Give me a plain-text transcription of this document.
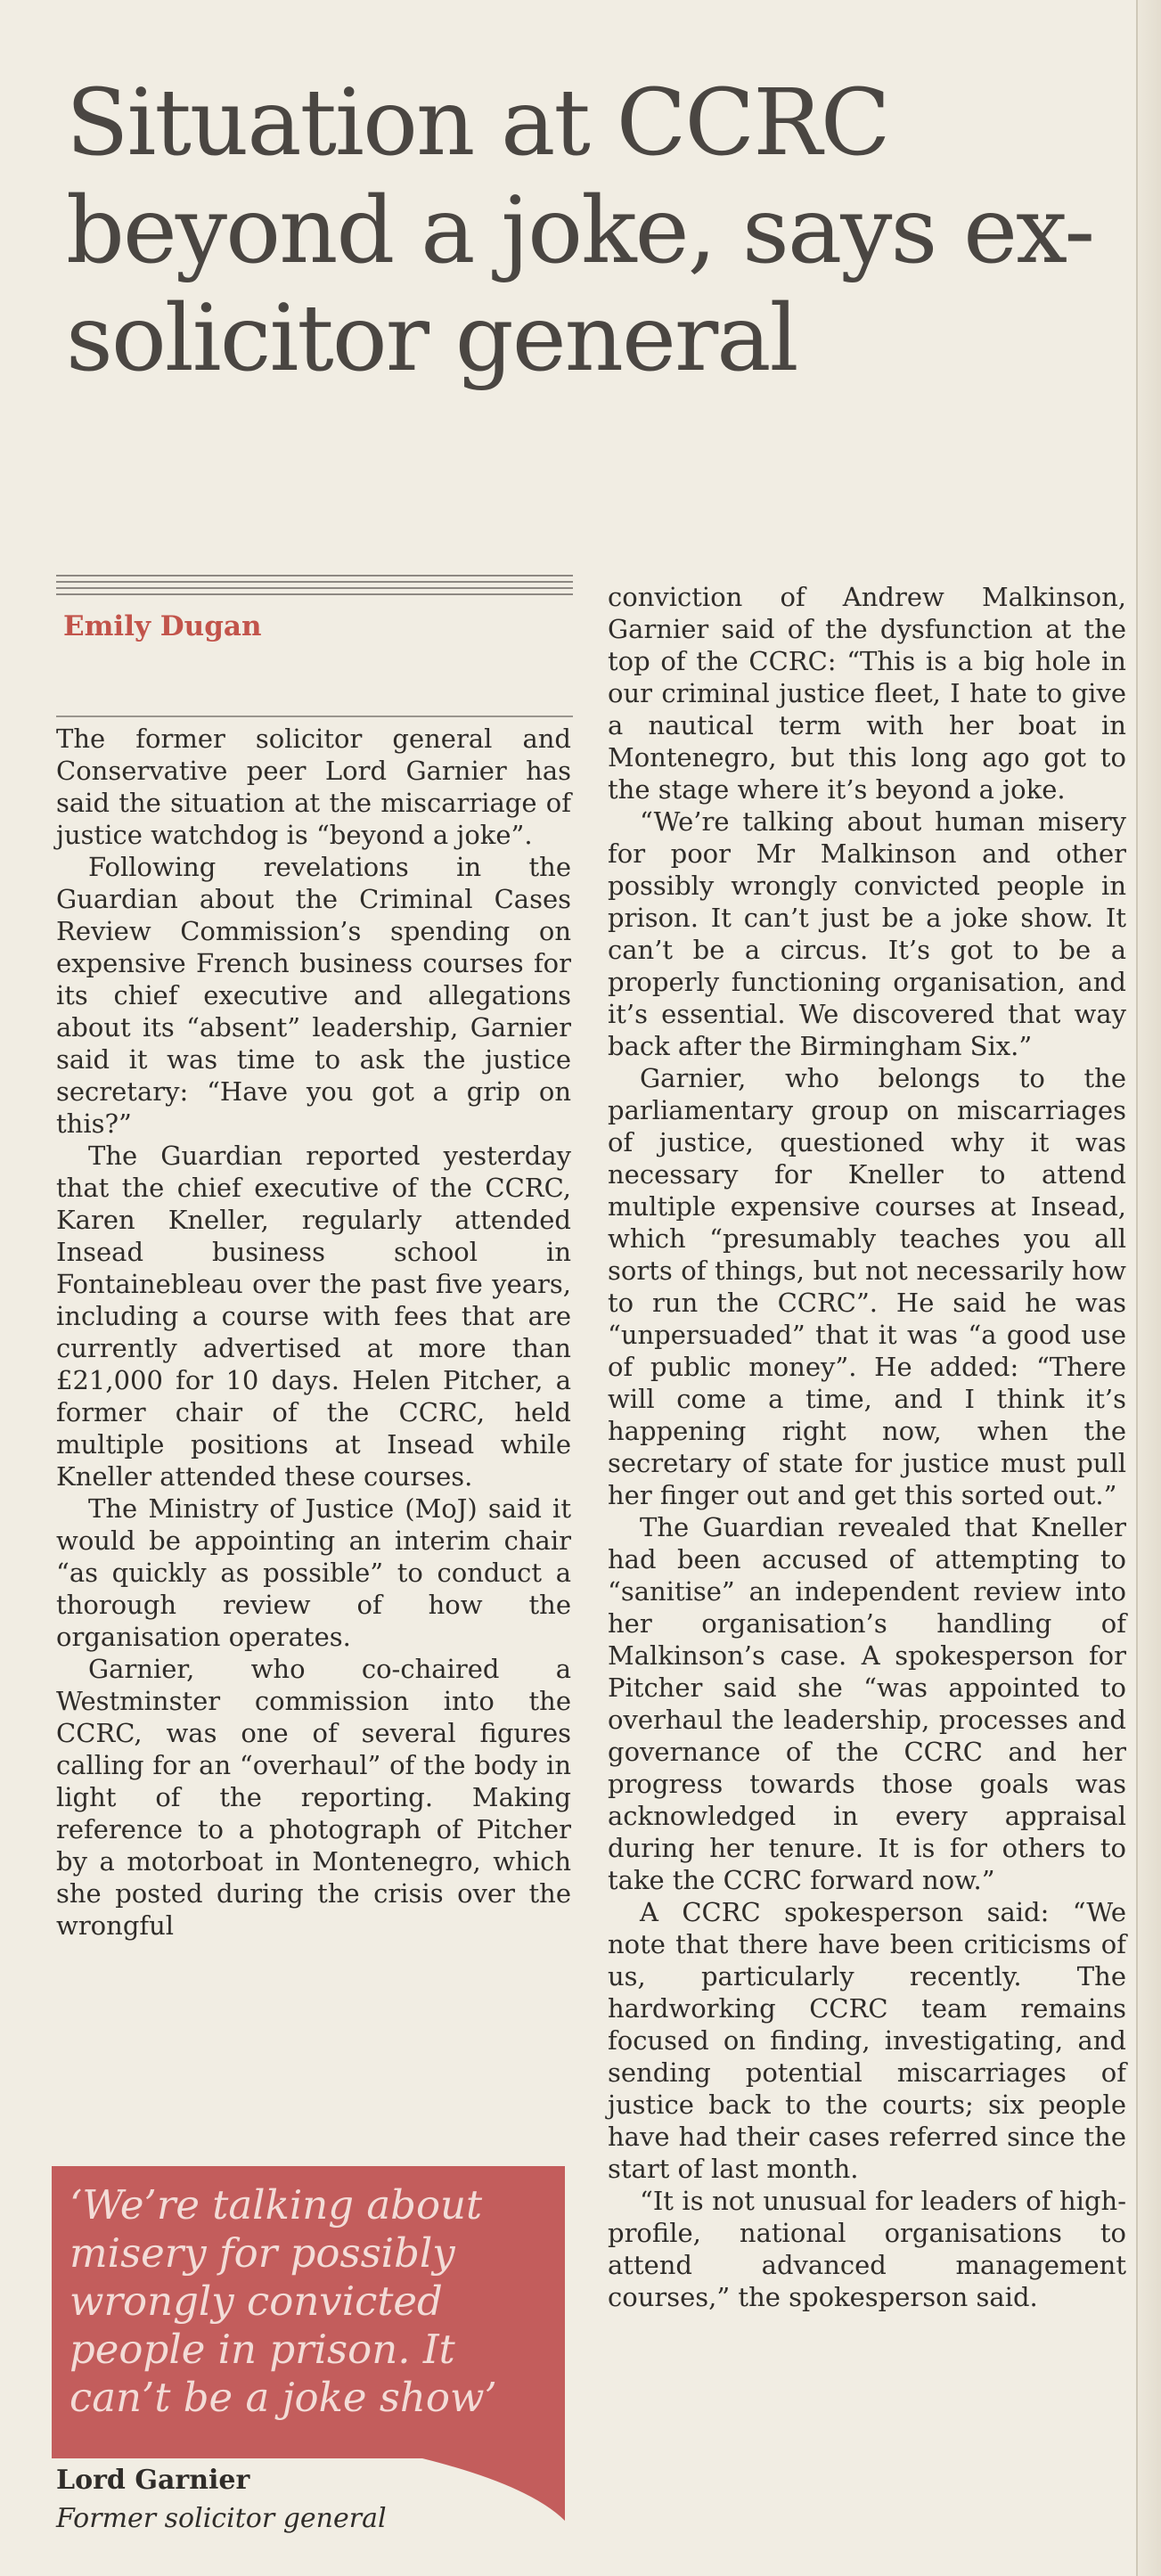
Situation at CCRC beyond a joke, says ex-solicitor general
Emily Dugan

The former solicitor general and Conservative peer Lord Garnier has said the situation at the miscarriage of justice watchdog is “beyond a joke”.

Following revelations in the Guardian about the Criminal Cases Review Commission’s spending on expensive French business courses for its chief executive and allegations about its “absent” leadership, Garnier said it was time to ask the justice secretary: “Have you got a grip on this?”

The Guardian reported yesterday that the chief executive of the CCRC, Karen Kneller, regularly attended Insead business school in Fontainebleau over the past five years, including a course with fees that are currently advertised at more than £21,000 for 10 days. Helen Pitcher, a former chair of the CCRC, held multiple positions at Insead while Kneller attended these courses.

The Ministry of Justice (MoJ) said it would be appointing an interim chair “as quickly as possible” to conduct a thorough review of how the organisation operates.

Garnier, who co-chaired a Westminster commission into the CCRC, was one of several figures calling for an “overhaul” of the body in light of the reporting. Making reference to a photograph of Pitcher by a motorboat in Montenegro, which she posted during the crisis over the wrongful

conviction of Andrew Malkinson, Garnier said of the dysfunction at the top of the CCRC: “This is a big hole in our criminal justice fleet, I hate to give a nautical term with her boat in Montenegro, but this long ago got to the stage where it’s beyond a joke.

“We’re talking about human misery for poor Mr Malkinson and other possibly wrongly convicted people in prison. It can’t just be a joke show. It can’t be a circus. It’s got to be a properly functioning organisation, and it’s essential. We discovered that way back after the Birmingham Six.”

Garnier, who belongs to the parliamentary group on miscarriages of justice, questioned why it was necessary for Kneller to attend multiple expensive courses at Insead, which “presumably teaches you all sorts of things, but not necessarily how to run the CCRC”. He said he was “unpersuaded” that it was “a good use of public money”. He added: “There will come a time, and I think it’s happening right now, when the secretary of state for justice must pull her finger out and get this sorted out.”

The Guardian revealed that Kneller had been accused of attempting to “sanitise” an independent review into her organisation’s handling of Malkinson’s case. A spokesperson for Pitcher said she “was appointed to overhaul the leadership, processes and governance of the CCRC and her progress towards those goals was acknowledged in every appraisal during her tenure. It is for others to take the CCRC forward now.”

A CCRC spokesperson said: “We note that there have been criticisms of us, particularly recently. The hardworking CCRC team remains focused on finding, investigating, and sending potential miscarriages of justice back to the courts; six people have had their cases referred since the start of last month.

“It is not unusual for leaders of high-profile, national organisations to attend advanced management courses,” the spokesperson said.

‘We’re talking about misery for possibly wrongly convicted people in prison. It can’t be a joke show’
Lord Garnier
Former solicitor general
